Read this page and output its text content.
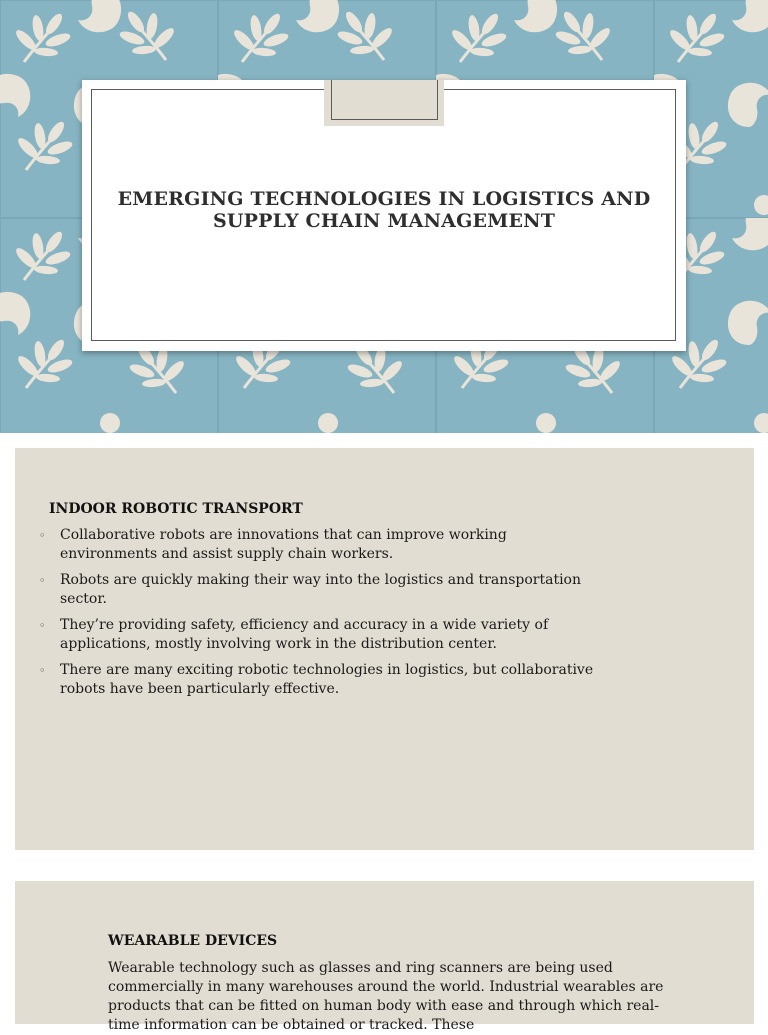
EMERGING TECHNOLOGIES IN LOGISTICS AND SUPPLY CHAIN MANAGEMENT
INDOOR ROBOTIC TRANSPORT
◦ Collaborative robots are innovations that can improve working environments and assist supply chain workers.
◦ Robots are quickly making their way into the logistics and transportation sector.
◦ They’re providing safety, efficiency and accuracy in a wide variety of applications, mostly involving work in the distribution center.
◦ There are many exciting robotic technologies in logistics, but collaborative robots have been particularly effective.
WEARABLE DEVICES

Wearable technology such as glasses and ring scanners are being used commercially in many warehouses around the world. Industrial wearables are products that can be fitted on human body with ease and through which real-time information can be obtained or tracked. These
